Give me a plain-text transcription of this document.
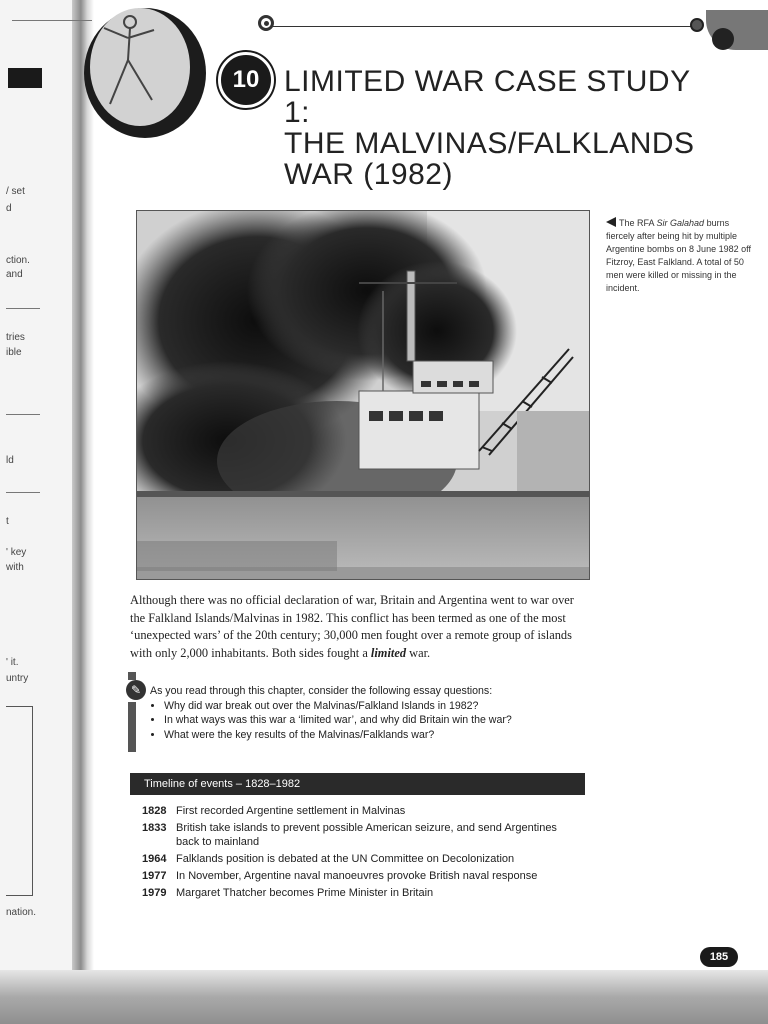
/ set
d
ction.
and
tries
ible
ld
t
' key
with
' it.
untry
nation.
10 LIMITED WAR CASE STUDY 1:
THE MALVINAS/FALKLANDS
WAR (1982)
The RFA Sir Galahad burns fiercely after being hit by multiple Argentine bombs on 8 June 1982 off Fitzroy, East Falkland. A total of 50 men were killed or missing in the incident.

Although there was no official declaration of war, Britain and Argentina went to war over the Falkland Islands/Malvinas in 1982. This conflict has been termed as one of the most ‘unexpected wars’ of the 20th century; 30,000 men fought over a remote group of islands with only 2,000 inhabitants. Both sides fought a limited war.

✎ As you read through this chapter, consider the following essay questions:
• Why did war break out over the Malvinas/Falkland Islands in 1982?
• In what ways was this war a ‘limited war’, and why did Britain win the war?
• What were the key results of the Malvinas/Falklands war?
Timeline of events – 1828–1982
1828 First recorded Argentine settlement in Malvinas
1833 British take islands to prevent possible American seizure, and send Argentines back to mainland
1964 Falklands position is debated at the UN Committee on Decolonization
1977 In November, Argentine naval manoeuvres provoke British naval response
1979 Margaret Thatcher becomes Prime Minister in Britain
185
